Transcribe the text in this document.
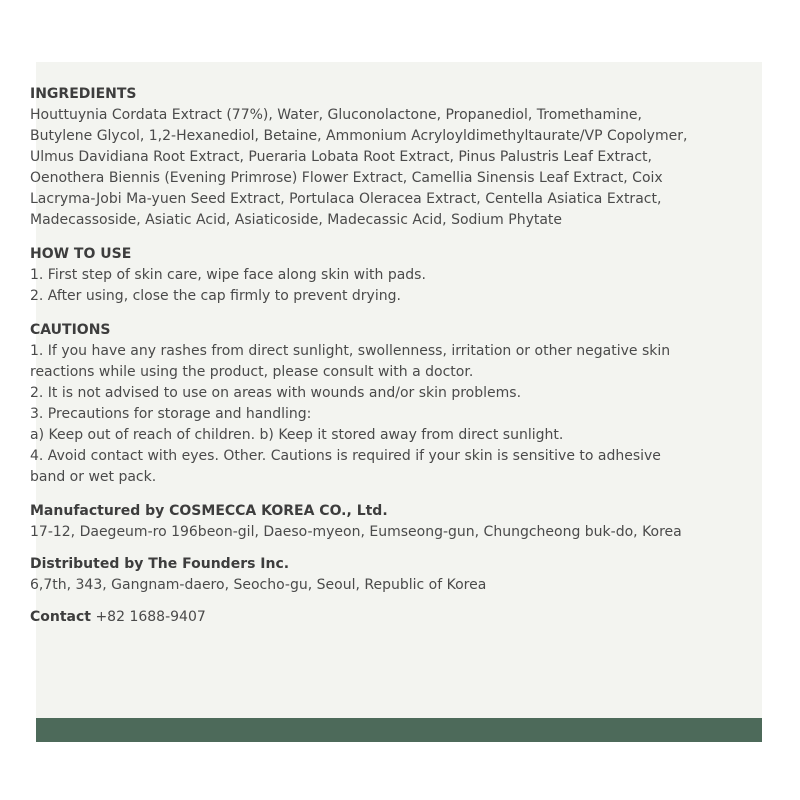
INGREDIENTS

Houttuynia Cordata Extract (77%), Water, Gluconolactone, Propanediol, Tromethamine, Butylene Glycol, 1,2-Hexanediol, Betaine, Ammonium Acryloyldimethyltaurate/VP Copolymer, Ulmus Davidiana Root Extract, Pueraria Lobata Root Extract, Pinus Palustris Leaf Extract, Oenothera Biennis (Evening Primrose) Flower Extract, Camellia Sinensis Leaf Extract, Coix Lacryma-Jobi Ma-yuen Seed Extract, Portulaca Oleracea Extract, Centella Asiatica Extract, Madecassoside, Asiatic Acid, Asiaticoside, Madecassic Acid, Sodium Phytate

HOW TO USE

1. First step of skin care, wipe face along skin with pads.

2. After using, close the cap firmly to prevent drying.

CAUTIONS

1. If you have any rashes from direct sunlight, swollenness, irritation or other negative skin reactions while using the product, please consult with a doctor.

2. It is not advised to use on areas with wounds and/or skin problems.

3. Precautions for storage and handling:

a) Keep out of reach of children. b) Keep it stored away from direct sunlight.

4. Avoid contact with eyes. Other. Cautions is required if your skin is sensitive to adhesive band or wet pack.

Manufactured by COSMECCA KOREA CO., Ltd.

17-12, Daegeum-ro 196beon-gil, Daeso-myeon, Eumseong-gun, Chungcheong buk-do, Korea

Distributed by The Founders Inc.

6,7th, 343, Gangnam-daero, Seocho-gu, Seoul, Republic of Korea

Contact +82 1688-9407
